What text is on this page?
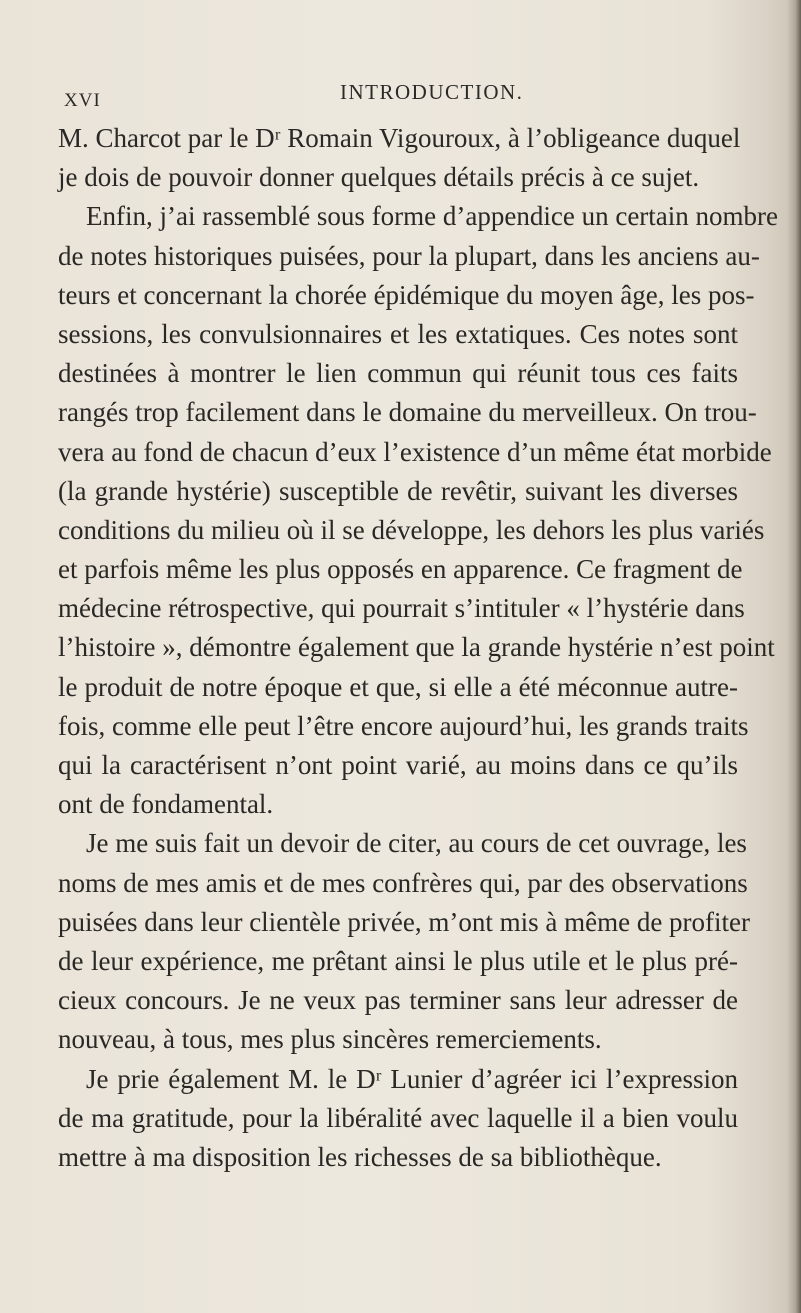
XVI	INTRODUCTION.
M. Charcot par le Dʳ Romain Vigouroux, à l’obligeance duquel
je dois de pouvoir donner quelques détails précis à ce sujet.
Enfin, j’ai rassemblé sous forme d’appendice un certain nombre
de notes historiques puisées, pour la plupart, dans les anciens au-
teurs et concernant la chorée épidémique du moyen âge, les pos-
sessions, les convulsionnaires et les extatiques. Ces notes sont
destinées à montrer le lien commun qui réunit tous ces faits
rangés trop facilement dans le domaine du merveilleux. On trou-
vera au fond de chacun d’eux l’existence d’un même état morbide
(la grande hystérie) susceptible de revêtir, suivant les diverses
conditions du milieu où il se développe, les dehors les plus variés
et parfois même les plus opposés en apparence. Ce fragment de
médecine rétrospective, qui pourrait s’intituler « l’hystérie dans
l’histoire », démontre également que la grande hystérie n’est point
le produit de notre époque et que, si elle a été méconnue autre-
fois, comme elle peut l’être encore aujourd’hui, les grands traits
qui la caractérisent n’ont point varié, au moins dans ce qu’ils
ont de fondamental.
Je me suis fait un devoir de citer, au cours de cet ouvrage, les
noms de mes amis et de mes confrères qui, par des observations
puisées dans leur clientèle privée, m’ont mis à même de profiter
de leur expérience, me prêtant ainsi le plus utile et le plus pré-
cieux concours. Je ne veux pas terminer sans leur adresser de
nouveau, à tous, mes plus sincères remerciements.
Je prie également M. le Dʳ Lunier d’agréer ici l’expression
de ma gratitude, pour la libéralité avec laquelle il a bien voulu
mettre à ma disposition les richesses de sa bibliothèque.
